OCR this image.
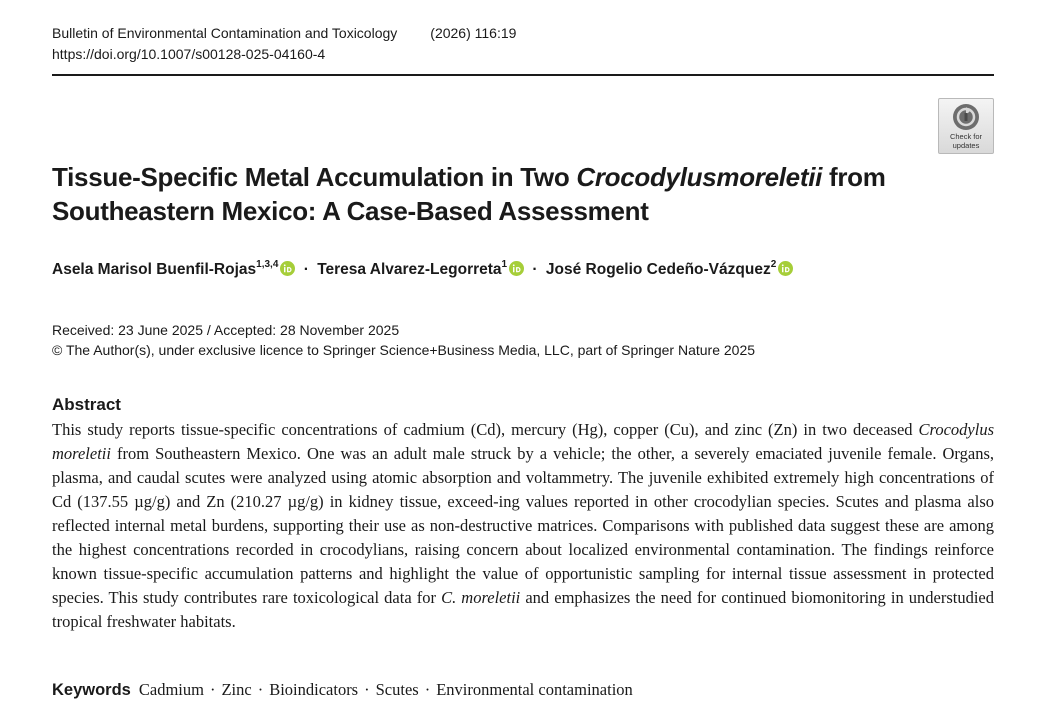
Bulletin of Environmental Contamination and Toxicology (2026) 116:19
https://doi.org/10.1007/s00128-025-04160-4
Check for
updates
Tissue-Specific Metal Accumulation in Two Crocodylusmoreletii from Southeastern Mexico: A Case-Based Assessment
Asela Marisol Buenfil-Rojas$^{1,3,4}$ · Teresa Alvarez-Legorreta$^1$ · José Rogelio Cedeño-Vázquez$^2$
Received: 23 June 2025 / Accepted: 28 November 2025
© The Author(s), under exclusive licence to Springer Science+Business Media, LLC, part of Springer Nature 2025
Abstract

This study reports tissue-specific concentrations of cadmium (Cd), mercury (Hg), copper (Cu), and zinc (Zn) in two deceased Crocodylus moreletii from Southeastern Mexico. One was an adult male struck by a vehicle; the other, a severely emaciated juvenile female. Organs, plasma, and caudal scutes were analyzed using atomic absorption and voltammetry. The juvenile exhibited extremely high concentrations of Cd (137.55 µg/g) and Zn (210.27 µg/g) in kidney tissue, exceed-ing values reported in other crocodylian species. Scutes and plasma also reflected internal metal burdens, supporting their use as non-destructive matrices. Comparisons with published data suggest these are among the highest concentrations recorded in crocodylians, raising concern about localized environmental contamination. The findings reinforce known tissue-specific accumulation patterns and highlight the value of opportunistic sampling for internal tissue assessment in protected species. This study contributes rare toxicological data for C. moreletii and emphasizes the need for continued biomonitoring in understudied tropical freshwater habitats.

Keywords Cadmium · Zinc · Bioindicators · Scutes · Environmental contamination
